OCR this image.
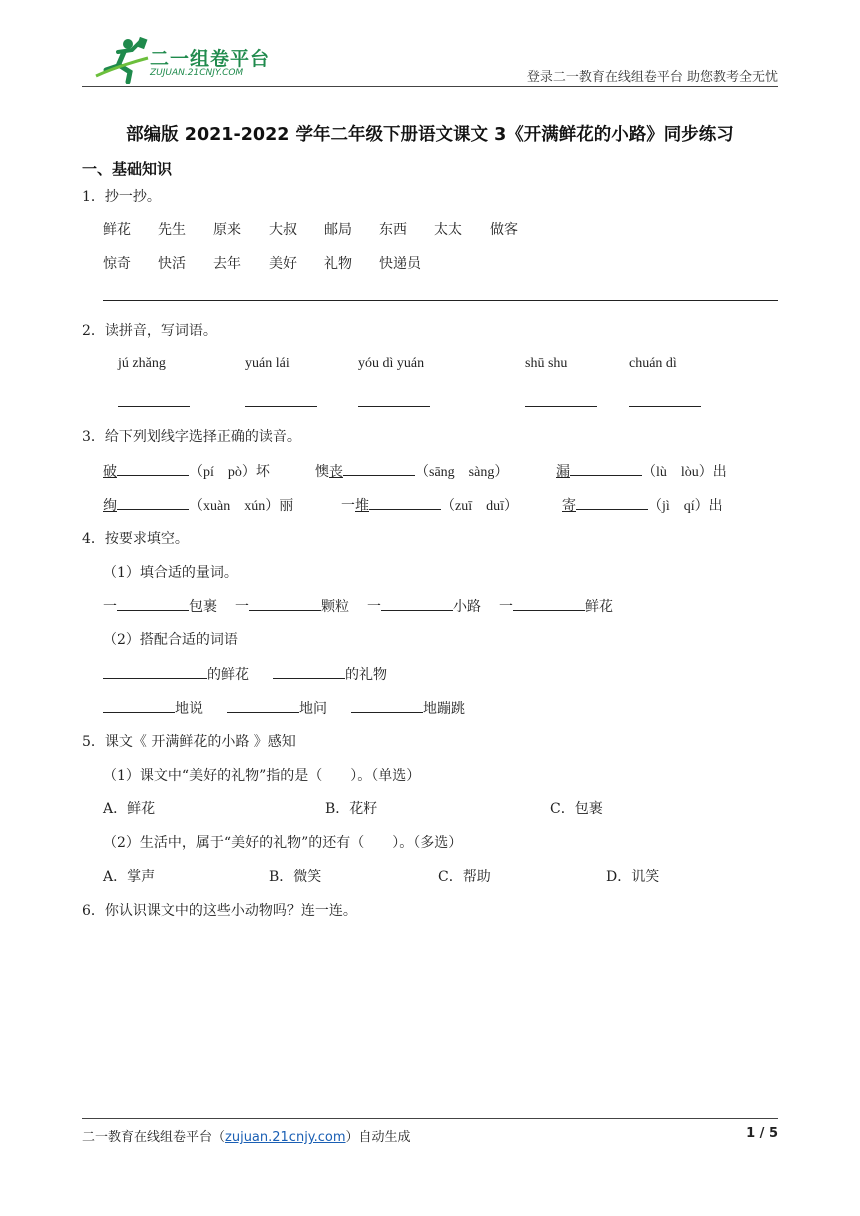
二一组卷平台
ZUJUAN.21CNJY.COM	登录二一教育在线组卷平台 助您教考全无忧
部编版 2021-2022 学年二年级下册语文课文 3《开满鲜花的小路》同步练习
一、基础知识
1．抄一抄。
鲜花 先生 原来 大叔 邮局 东西 太太 做客
惊奇 快活 去年 美好 礼物 快递员
2．读拼音，写词语。
jú zhǎng	yuán lái	yóu dì yuán	shū shu	chuán dì
3．给下列划线字选择正确的读音。
破	（pí　pò）坏	懊丧	（sāng　sàng）	漏	（lù　lòu）出
绚	（xuàn　xún）丽	一堆	（zuī　duī）	寄	（jì　qí）出
4．按要求填空。
（1）填合适的量词。
一	包裹 一	颗粒 一	小路 一	鲜花
（2）搭配合适的词语
的鲜花	的礼物
地说	地问	地蹦跳
5．课文《 开满鲜花的小路 》感知
（1）课文中“美好的礼物”指的是（　　）。（单选）
A．鲜花	B．花籽	C．包裹
（2）生活中，属于“美好的礼物”的还有（　　）。（多选）
A．掌声	B．微笑	C．帮助	D．讥笑
6．你认识课文中的这些小动物吗？连一连。
二一教育在线组卷平台（zujuan.21cnjy.com）自动生成	1 / 5
